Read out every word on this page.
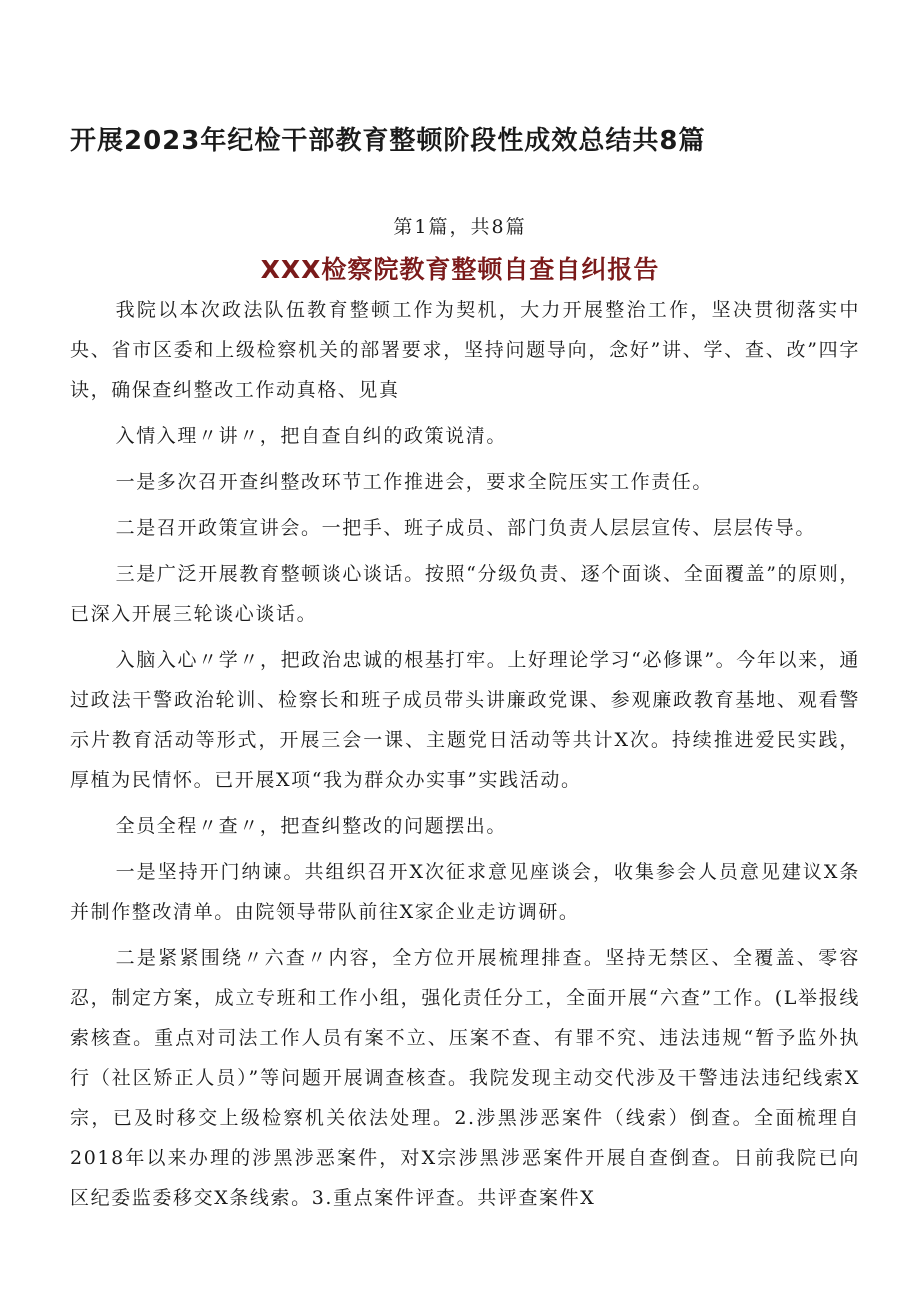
开展2023年纪检干部教育整顿阶段性成效总结共8篇
第1篇，共8篇
XXX检察院教育整顿自查自纠报告

我院以本次政法队伍教育整顿工作为契机，大力开展整治工作，坚决贯彻落实中央、省市区委和上级检察机关的部署要求，坚持问题导向，念好”讲、学、查、改”四字诀，确保查纠整改工作动真格、见真

入情入理〃讲〃，把自查自纠的政策说清。

一是多次召开查纠整改环节工作推进会，要求全院压实工作责任。

二是召开政策宣讲会。一把手、班子成员、部门负责人层层宣传、层层传导。

三是广泛开展教育整顿谈心谈话。按照“分级负责、逐个面谈、全面覆盖”的原则，已深入开展三轮谈心谈话。

入脑入心〃学〃，把政治忠诚的根基打牢。上好理论学习“必修课”。今年以来，通过政法干警政治轮训、检察长和班子成员带头讲廉政党课、参观廉政教育基地、观看警示片教育活动等形式，开展三会一课、主题党日活动等共计X次。持续推进爱民实践，厚植为民情怀。已开展X项“我为群众办实事”实践活动。

全员全程〃查〃，把查纠整改的问题摆出。

一是坚持开门纳谏。共组织召开X次征求意见座谈会，收集参会人员意见建议X条并制作整改清单。由院领导带队前往X家企业走访调研。

二是紧紧围绕〃六查〃内容，全方位开展梳理排查。坚持无禁区、全覆盖、零容忍，制定方案，成立专班和工作小组，强化责任分工，全面开展“六查”工作。(L举报线索核查。重点对司法工作人员有案不立、压案不查、有罪不究、违法违规“暂予监外执行（社区矫正人员）”等问题开展调查核查。我院发现主动交代涉及干警违法违纪线索X宗，已及时移交上级检察机关依法处理。2.涉黑涉恶案件（线索）倒查。全面梳理自2018年以来办理的涉黑涉恶案件，对X宗涉黑涉恶案件开展自查倒查。日前我院已向区纪委监委移交X条线索。3.重点案件评查。共评查案件X
